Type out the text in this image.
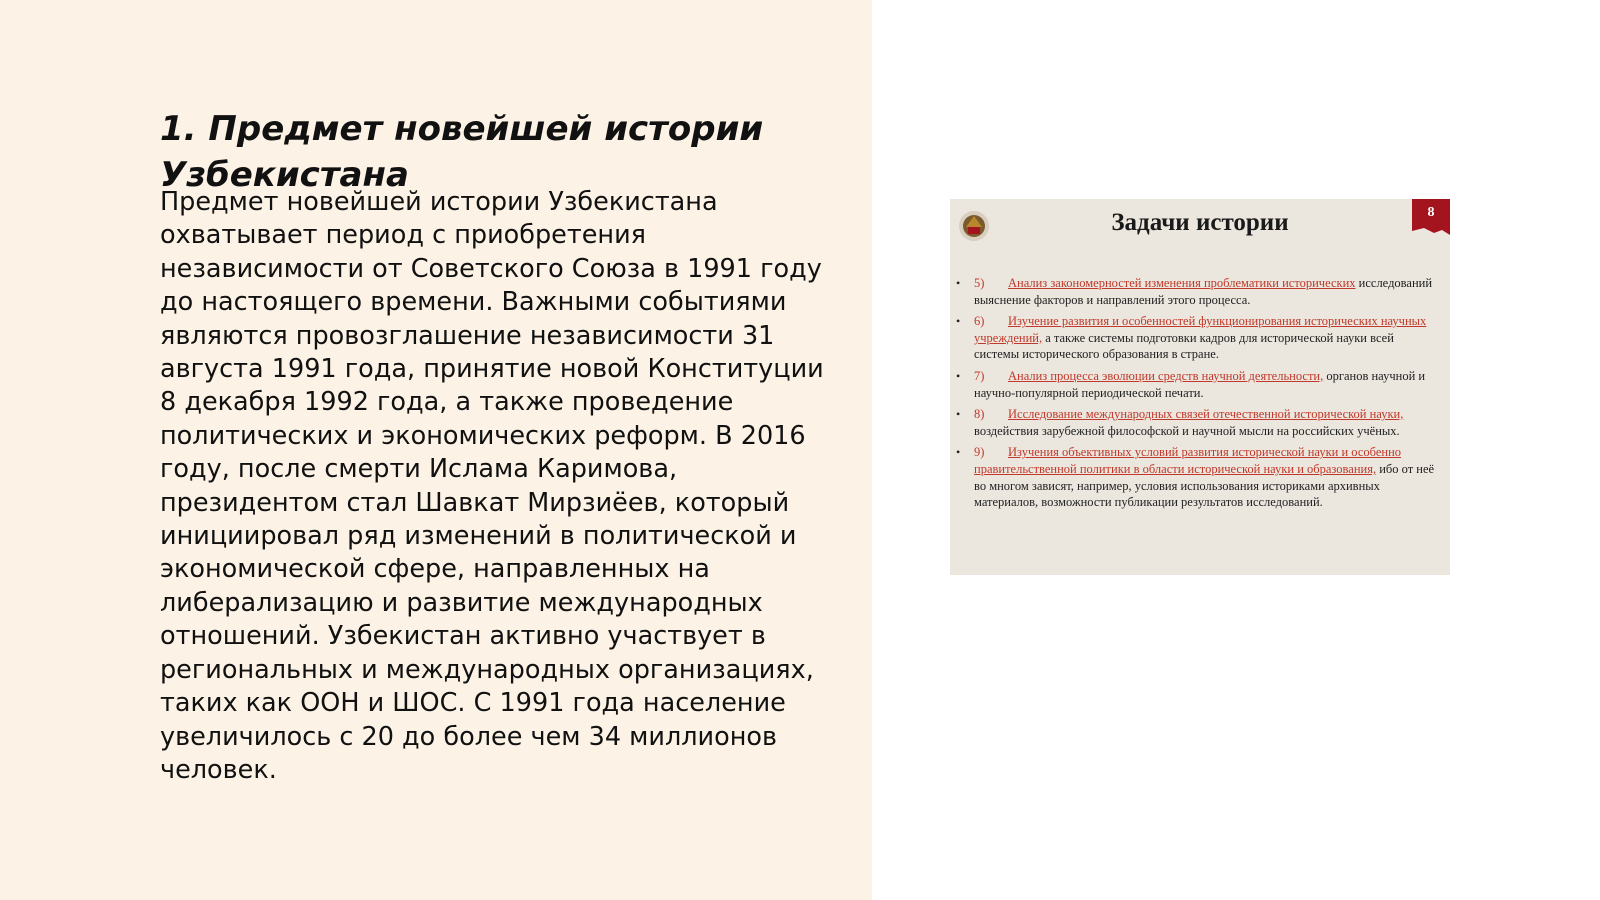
1. Предмет новейшей истории Узбекистана

Предмет новейшей истории Узбекистана охватывает период с приобретения независимости от Советского Союза в 1991 году до настоящего времени. Важными событиями являются провозглашение независимости 31 августа 1991 года, принятие новой Конституции 8 декабря 1992 года, а также проведение политических и экономических реформ. В 2016 году, после смерти Ислама Каримова, президентом стал Шавкат Мирзиёев, который инициировал ряд изменений в политической и экономической сфере, направленных на либерализацию и развитие международных отношений. Узбекистан активно участвует в региональных и международных организациях, таких как ООН и ШОС. С 1991 года население увеличилось с 20 до более чем 34 миллионов человек.

Задачи истории	8
• 5) Анализ закономерностей изменения проблематики исторических исследований выяснение факторов и направлений этого процесса.
• 6) Изучение развития и особенностей функционирования исторических научных учреждений, а также системы подготовки кадров для исторической науки всей системы исторического образования в стране.
• 7) Анализ процесса эволюции средств научной деятельности, органов научной и научно-популярной периодической печати.
• 8) Исследование международных связей отечественной исторической науки, воздействия зарубежной философской и научной мысли на российских учёных.
• 9) Изучения объективных условий развития исторической науки и особенно правительственной политики в области исторической науки и образования, ибо от неё во многом зависят, например, условия использования историками архивных материалов, возможности публикации результатов исследований.
